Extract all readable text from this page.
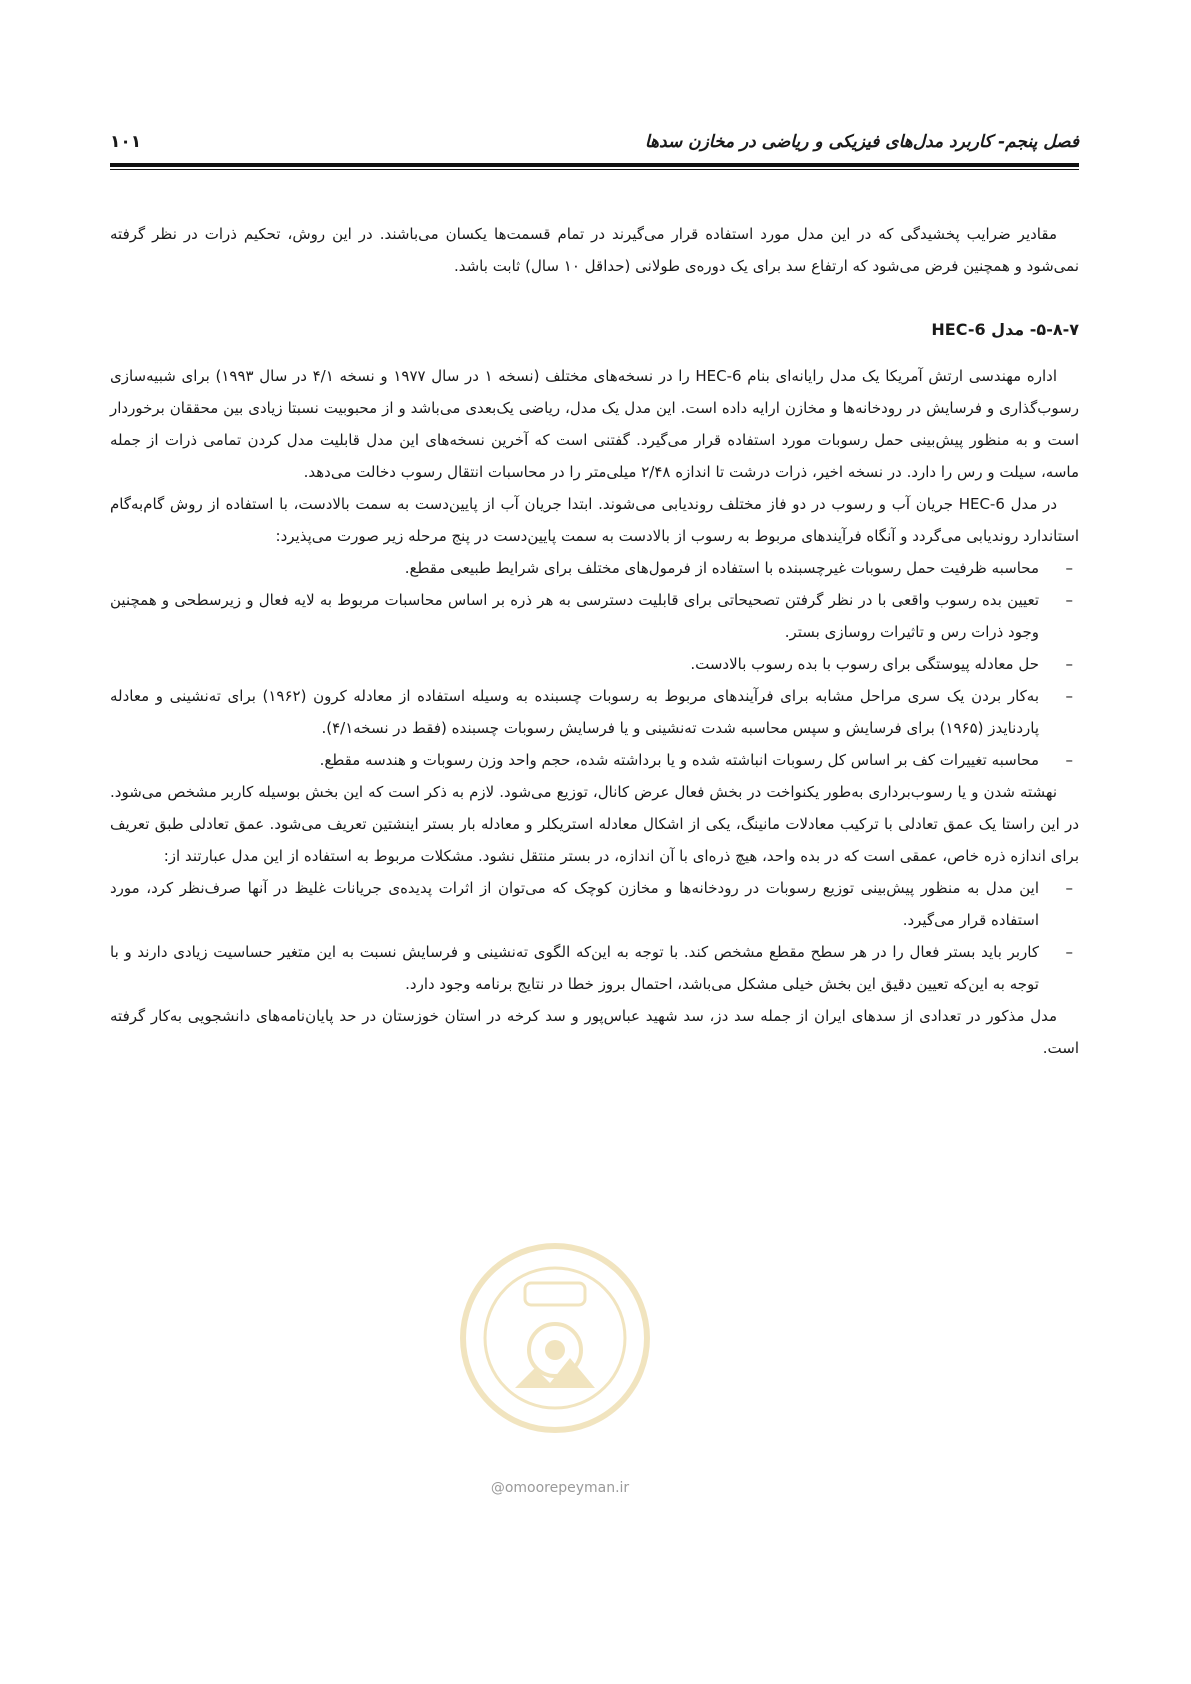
فصل پنجم- کاربرد مدل‌های فیزیکی و ریاضی در مخازن سدها
۱۰۱

مقادیر ضرایب پخشیدگی که در این مدل مورد استفاده قرار می‌گیرند در تمام قسمت‌ها یکسان می‌باشند. در این روش، تحکیم ذرات در نظر گرفته نمی‌شود و همچنین فرض می‌شود که ارتفاع سد برای یک دوره‌ی طولانی (حداقل ۱۰ سال) ثابت باشد.

۵-۸-۷- مدل HEC-6

اداره مهندسی ارتش آمریکا یک مدل رایانه‌ای بنام HEC-6 را در نسخه‌های مختلف (نسخه ۱ در سال ۱۹۷۷ و نسخه ۴/۱ در سال ۱۹۹۳) برای شبیه‌سازی رسوب‌گذاری و فرسایش در رودخانه‌ها و مخازن ارایه داده است. این مدل یک مدل، ریاضی یک‌بعدی می‌باشد و از محبوبیت نسبتا زیادی بین محققان برخوردار است و به منظور پیش‌بینی حمل رسوبات مورد استفاده قرار می‌گیرد. گفتنی است که آخرین نسخه‌های این مدل قابلیت مدل کردن تمامی ذرات از جمله ماسه، سیلت و رس را دارد. در نسخه اخیر، ذرات درشت تا اندازه ۲/۴۸ میلی‌متر را در محاسبات انتقال رسوب دخالت می‌دهد.

در مدل HEC-6 جریان آب و رسوب در دو فاز مختلف روندیابی می‌شوند. ابتدا جریان آب از پایین‌دست به سمت بالادست، با استفاده از روش گام‌به‌گام استاندارد روندیابی می‌گردد و آنگاه فرآیندهای مربوط به رسوب از بالادست به سمت پایین‌دست در پنج مرحله زیر صورت می‌پذیرد:

–
محاسبه ظرفیت حمل رسوبات غیرچسبنده با استفاده از فرمول‌های مختلف برای شرایط طبیعی مقطع.
–
تعیین بده رسوب واقعی با در نظر گرفتن تصحیحاتی برای قابلیت دسترسی به هر ذره بر اساس محاسبات مربوط به لایه فعال و زیرسطحی و همچنین وجود ذرات رس و تاثیرات روسازی بستر.
–
حل معادله پیوستگی برای رسوب با بده رسوب بالادست.
–
به‌کار بردن یک سری مراحل مشابه برای فرآیندهای مربوط به رسوبات چسبنده به وسیله استفاده از معادله کرون (۱۹۶۲) برای ته‌نشینی و معادله پاردنایدز (۱۹۶۵) برای فرسایش و سپس محاسبه شدت ته‌نشینی و یا فرسایش رسوبات چسبنده (فقط در نسخه۴/۱).
–
محاسبه تغییرات کف بر اساس کل رسوبات انباشته شده و یا برداشته شده، حجم واحد وزن رسوبات و هندسه مقطع.

نهشته شدن و یا رسوب‌برداری به‌طور یکنواخت در بخش فعال عرض کانال، توزیع می‌شود. لازم به ذکر است که این بخش بوسیله کاربر مشخص می‌شود. در این راستا یک عمق تعادلی با ترکیب معادلات مانینگ، یکی از اشکال معادله استریکلر و معادله بار بستر اینشتین تعریف می‌شود. عمق تعادلی طبق تعریف برای اندازه ذره خاص، عمقی است که در بده واحد، هیچ ذره‌ای با آن اندازه، در بستر منتقل نشود. مشکلات مربوط به استفاده از این مدل عبارتند از:

–
این مدل به منظور پیش‌بینی توزیع رسوبات در رودخانه‌ها و مخازن کوچک که می‌توان از اثرات پدیده‌ی جریانات غلیظ در آنها صرف‌نظر کرد، مورد استفاده قرار می‌گیرد.
–
کاربر باید بستر فعال را در هر سطح مقطع مشخص کند. با توجه به این‌که الگوی ته‌نشینی و فرسایش نسبت به این متغیر حساسیت زیادی دارند و با توجه به این‌که تعیین دقیق این بخش خیلی مشکل می‌باشد، احتمال بروز خطا در نتایج برنامه وجود دارد.

مدل مذکور در تعدادی از سدهای ایران از جمله سد دز، سد شهید عباس‌پور و سد کرخه در استان خوزستان در حد پایان‌نامه‌های دانشجویی به‌کار گرفته است.

@omoorepeyman.ir
